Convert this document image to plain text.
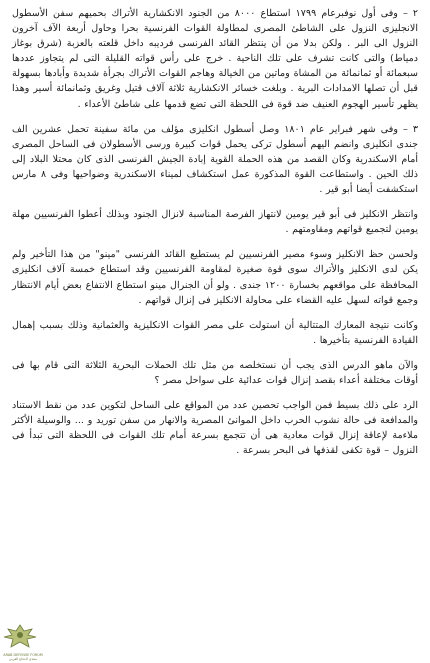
٢ – وفى أول نوفبرعام ١٧٩٩ استطاع ٨٠٠٠ من الجنود الانكشارية الأتراك بحميهم سفن الأسطول الانجليزى النزول على الشاطئ المصرى لمطاولة القوات الفرنسية بحرا وحاول أربعة الآف آخرون النزول الى البر . ولكن بدلا من أن ينتظر القائد الفرنسى فرديبه داخل قلعته بالعزبة (شرق بوغاز دمياط) والتى كانت تشرف على تلك الناحية . خرج على رأس قواته القليلة التى لم يتجاوز عددها سبعمائة أو ثمانمائة من المشاة وماتين من الخيالة وهاجم القوات الأتراك بجرأة شديدة وأبادها بسهولة قبل أن تصلها الامدادات البرية . وبلغت خسائر الانكشارية ثلاثة آلاف قتيل وغريق وثمانمائة أسير وهذا يظهر تأسير الهجوم العنيف ضد قوة فى اللحظة التى تضع قدمها على شاطئ الأعداء .

٣ – وفى شهر فبراير عام ١٨٠١ وصل أسطول انكليزى مؤلف من مائة سفينة تحمل عشرين الف جندى انكليزى وانضم اليهم أسطول تركى يحمل قوات كبيرة ورسى الأسطولان فى الساحل المصرى أمام الاسكندرية وكان القصد من هذه الحملة القوية إبادة الجيش الفرنسى الذى كان محتلا البلاد إلى ذلك الحين . واستطاعت القوة المذكورة عمل استكشاف لميناء الاسكندرية وضواحيها وفى ٨ مارس استكشفت أيضا أبو قير .

وانتظر الانكليز فى أبو قير يومين لانتهاز الفرصة المناسبة لانزال الجنود وبذلك أعطوا الفرنسيين مهلة يومين لتجميع قواتهم ومقاومتهم .

ولحسن حظ الانكليز وسوء مصير الفرنسيين لم يستطيع القائد الفرنسى "مينو" من هذا التأخير ولم يكن لدى الانكليز والأتراك سوى قوة صغيرة لمقاومة الفرنسيين وقد استطاع خمسة آلاف انكليزى المحافظة على مواقعهم بخسارة ١٢٠٠ جندى . ولو أن الجنرال مينو استطاع الانتفاع بعض أيام الانتظار وجمع قواته لسهل عليه القضاء على محاولة الانكليز فى إنزال قواتهم .

وكانت نتيجة المعارك المتتالية أن استولت على مصر القوات الانكليزية والعثمانية وذلك بسبب إهمال القيادة الفرنسية بتأخيرها .

والآن ماهو الدرس الذى يجب أن نستخلصه من مثل تلك الحملات البحرية الثلاثة التى قام بها فى أوقات مختلفة أعداء بقصد إنزال قوات عدائية على سواحل مصر ؟

الرد على ذلك بسيط فمن الواجب تحصين عدد من المواقع على الساحل لتكوين عدد من نقط الاستناد والمدافعة فى حالة نشوب الحرب داخل الموانئ المصرية والانهار من سفن توريد و ... والوسيلة الأكثر ملاءمة لإعاقة إنزال قوات معادية هى أن تتجمع بسرعة أمام تلك القوات فى اللحظة التى تبدأ فى النزول – قوة تكفى لقذفها فى البحر بسرعة .

ARAB DEFENSE FORUM
منتدى الدفاع العربي
